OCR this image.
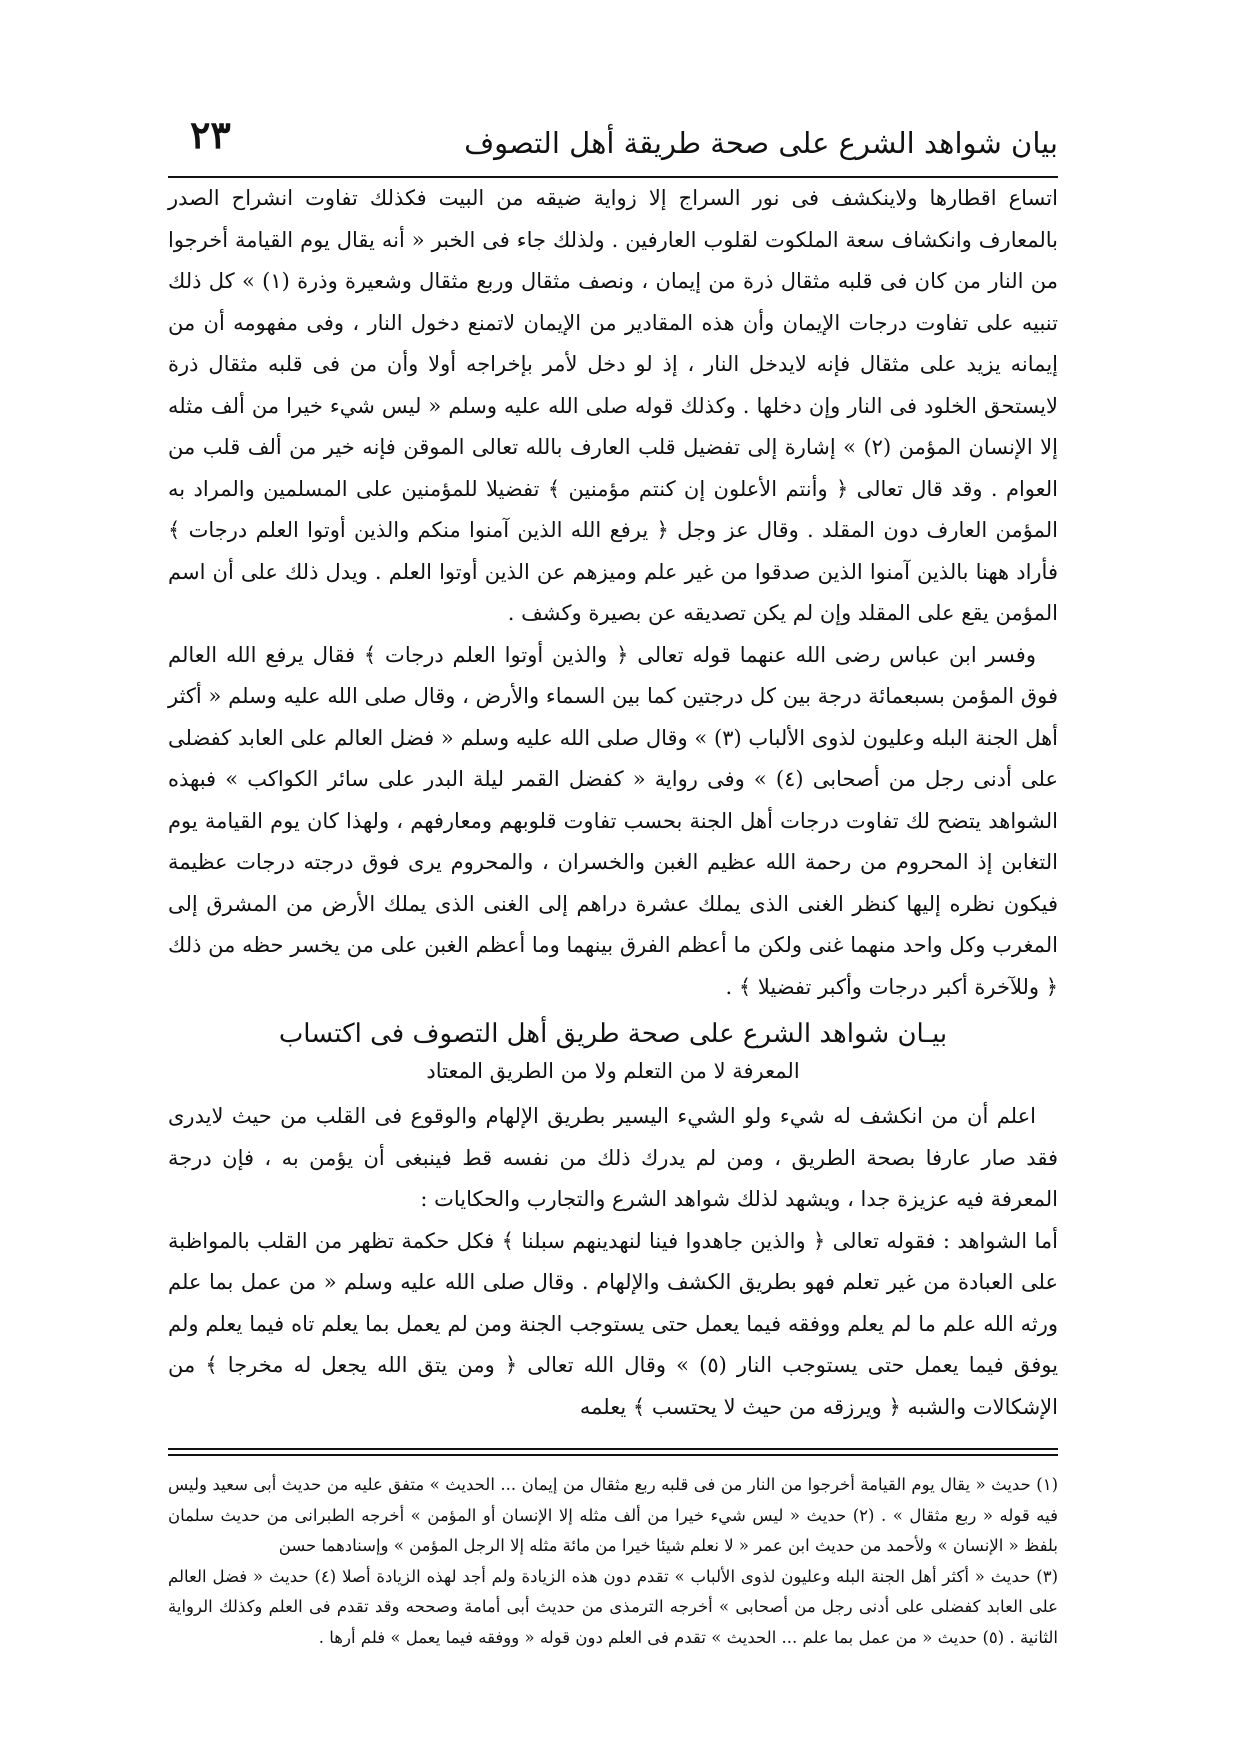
بيان شواهد الشرع على صحة طريقة أهل التصوف
٢٣

اتساع اقطارها ولاينكشف فى نور السراج إلا زواية ضيقه من البيت فكذلك تفاوت انشراح الصدر بالمعارف وانكشاف سعة الملكوت لقلوب العارفين . ولذلك جاء فى الخبر « أنه يقال يوم القيامة أخرجوا من النار من كان فى قلبه مثقال ذرة من إيمان ، ونصف مثقال وربع مثقال وشعيرة وذرة (١) » كل ذلك تنبيه على تفاوت درجات الإيمان وأن هذه المقادير من الإيمان لاتمنع دخول النار ، وفى مفهومه أن من إيمانه يزيد على مثقال فإنه لايدخل النار ، إذ لو دخل لأمر بإخراجه أولا وأن من فى قلبه مثقال ذرة لايستحق الخلود فى النار وإن دخلها . وكذلك قوله صلى الله عليه وسلم « ليس شيء خيرا من ألف مثله إلا الإنسان المؤمن (٢) » إشارة إلى تفضيل قلب العارف بالله تعالى الموقن فإنه خير من ألف قلب من العوام . وقد قال تعالى ﴿ وأنتم الأعلون إن كنتم مؤمنين ﴾ تفضيلا للمؤمنين على المسلمين والمراد به المؤمن العارف دون المقلد . وقال عز وجل ﴿ يرفع الله الذين آمنوا منكم والذين أوتوا العلم درجات ﴾ فأراد ههنا بالذين آمنوا الذين صدقوا من غير علم وميزهم عن الذين أوتوا العلم . ويدل ذلك على أن اسم المؤمن يقع على المقلد وإن لم يكن تصديقه عن بصيرة وكشف .

وفسر ابن عباس رضى الله عنهما قوله تعالى ﴿ والذين أوتوا العلم درجات ﴾ فقال يرفع الله العالم فوق المؤمن بسبعمائة درجة بين كل درجتين كما بين السماء والأرض ، وقال صلى الله عليه وسلم « أكثر أهل الجنة البله وعليون لذوى الألباب (٣) » وقال صلى الله عليه وسلم « فضل العالم على العابد كفضلى على أدنى رجل من أصحابى (٤) » وفى رواية « كفضل القمر ليلة البدر على سائر الكواكب » فبهذه الشواهد يتضح لك تفاوت درجات أهل الجنة بحسب تفاوت قلوبهم ومعارفهم ، ولهذا كان يوم القيامة يوم التغابن إذ المحروم من رحمة الله عظيم الغبن والخسران ، والمحروم يرى فوق درجته درجات عظيمة فيكون نظره إليها كنظر الغنى الذى يملك عشرة دراهم إلى الغنى الذى يملك الأرض من المشرق إلى المغرب وكل واحد منهما غنى ولكن ما أعظم الفرق بينهما وما أعظم الغبن على من يخسر حظه من ذلك ﴿ وللآخرة أكبر درجات وأكبر تفضيلا ﴾ .

بيـان شواهد الشرع على صحة طريق أهل التصوف فى اكتساب
المعرفة لا من التعلم ولا من الطريق المعتاد

اعلم أن من انكشف له شيء ولو الشيء اليسير بطريق الإلهام والوقوع فى القلب من حيث لايدرى فقد صار عارفا بصحة الطريق ، ومن لم يدرك ذلك من نفسه قط فينبغى أن يؤمن به ، فإن درجة المعرفة فيه عزيزة جدا ، ويشهد لذلك شواهد الشرع والتجارب والحكايات :

أما الشواهد : فقوله تعالى ﴿ والذين جاهدوا فينا لنهدينهم سبلنا ﴾ فكل حكمة تظهر من القلب بالمواظبة على العبادة من غير تعلم فهو بطريق الكشف والإلهام . وقال صلى الله عليه وسلم « من عمل بما علم ورثه الله علم ما لم يعلم ووفقه فيما يعمل حتى يستوجب الجنة ومن لم يعمل بما يعلم تاه فيما يعلم ولم يوفق فيما يعمل حتى يستوجب النار (٥) » وقال الله تعالى ﴿ ومن يتق الله يجعل له مخرجا ﴾ من الإشكالات والشبه ﴿ ويرزقه من حيث لا يحتسب ﴾ يعلمه

(١) حديث « يقال يوم القيامة أخرجوا من النار من فى قلبه ربع مثقال من إيمان ... الحديث » متفق عليه من حديث أبى سعيد وليس فيه قوله « ربع مثقال » . (٢) حديث « ليس شيء خيرا من ألف مثله إلا الإنسان أو المؤمن » أخرجه الطبرانى من حديث سلمان بلفظ « الإنسان » ولأحمد من حديث ابن عمر « لا نعلم شيئا خيرا من مائة مثله إلا الرجل المؤمن » وإسنادهما حسن

(٣) حديث « أكثر أهل الجنة البله وعليون لذوى الألباب » تقدم دون هذه الزيادة ولم أجد لهذه الزيادة أصلا (٤) حديث « فضل العالم على العابد كفضلى على أدنى رجل من أصحابى » أخرجه الترمذى من حديث أبى أمامة وصححه وقد تقدم فى العلم وكذلك الرواية الثانية . (٥) حديث « من عمل بما علم ... الحديث » تقدم فى العلم دون قوله « ووفقه فيما يعمل » فلم أرها .
